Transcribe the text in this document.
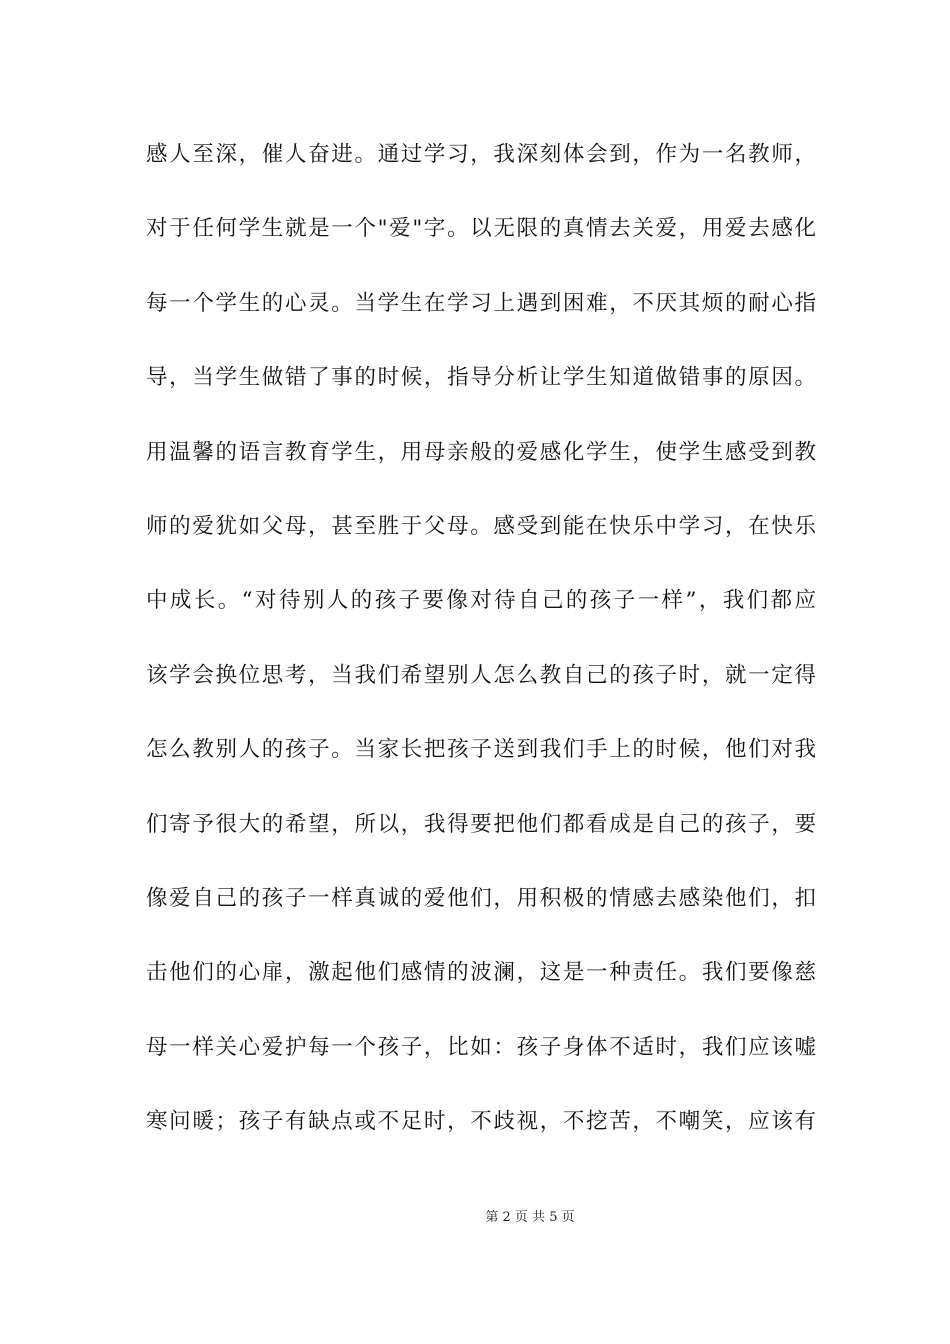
感人至深，催人奋进。通过学习，我深刻体会到，作为一名教师，
对于任何学生就是一个"爱"字。以无限的真情去关爱，用爱去感化
每一个学生的心灵。当学生在学习上遇到困难，不厌其烦的耐心指
导，当学生做错了事的时候，指导分析让学生知道做错事的原因。
用温馨的语言教育学生，用母亲般的爱感化学生，使学生感受到教
师的爱犹如父母，甚至胜于父母。感受到能在快乐中学习，在快乐
中成长。“对待别人的孩子要像对待自己的孩子一样”，我们都应
该学会换位思考，当我们希望别人怎么教自己的孩子时，就一定得
怎么教别人的孩子。当家长把孩子送到我们手上的时候，他们对我
们寄予很大的希望，所以，我得要把他们都看成是自己的孩子，要
像爱自己的孩子一样真诚的爱他们，用积极的情感去感染他们，扣
击他们的心扉，激起他们感情的波澜，这是一种责任。我们要像慈
母一样关心爱护每一个孩子，比如：孩子身体不适时，我们应该嘘
寒问暖；孩子有缺点或不足时，不歧视，不挖苦，不嘲笑，应该有
第 2 页 共 5 页
